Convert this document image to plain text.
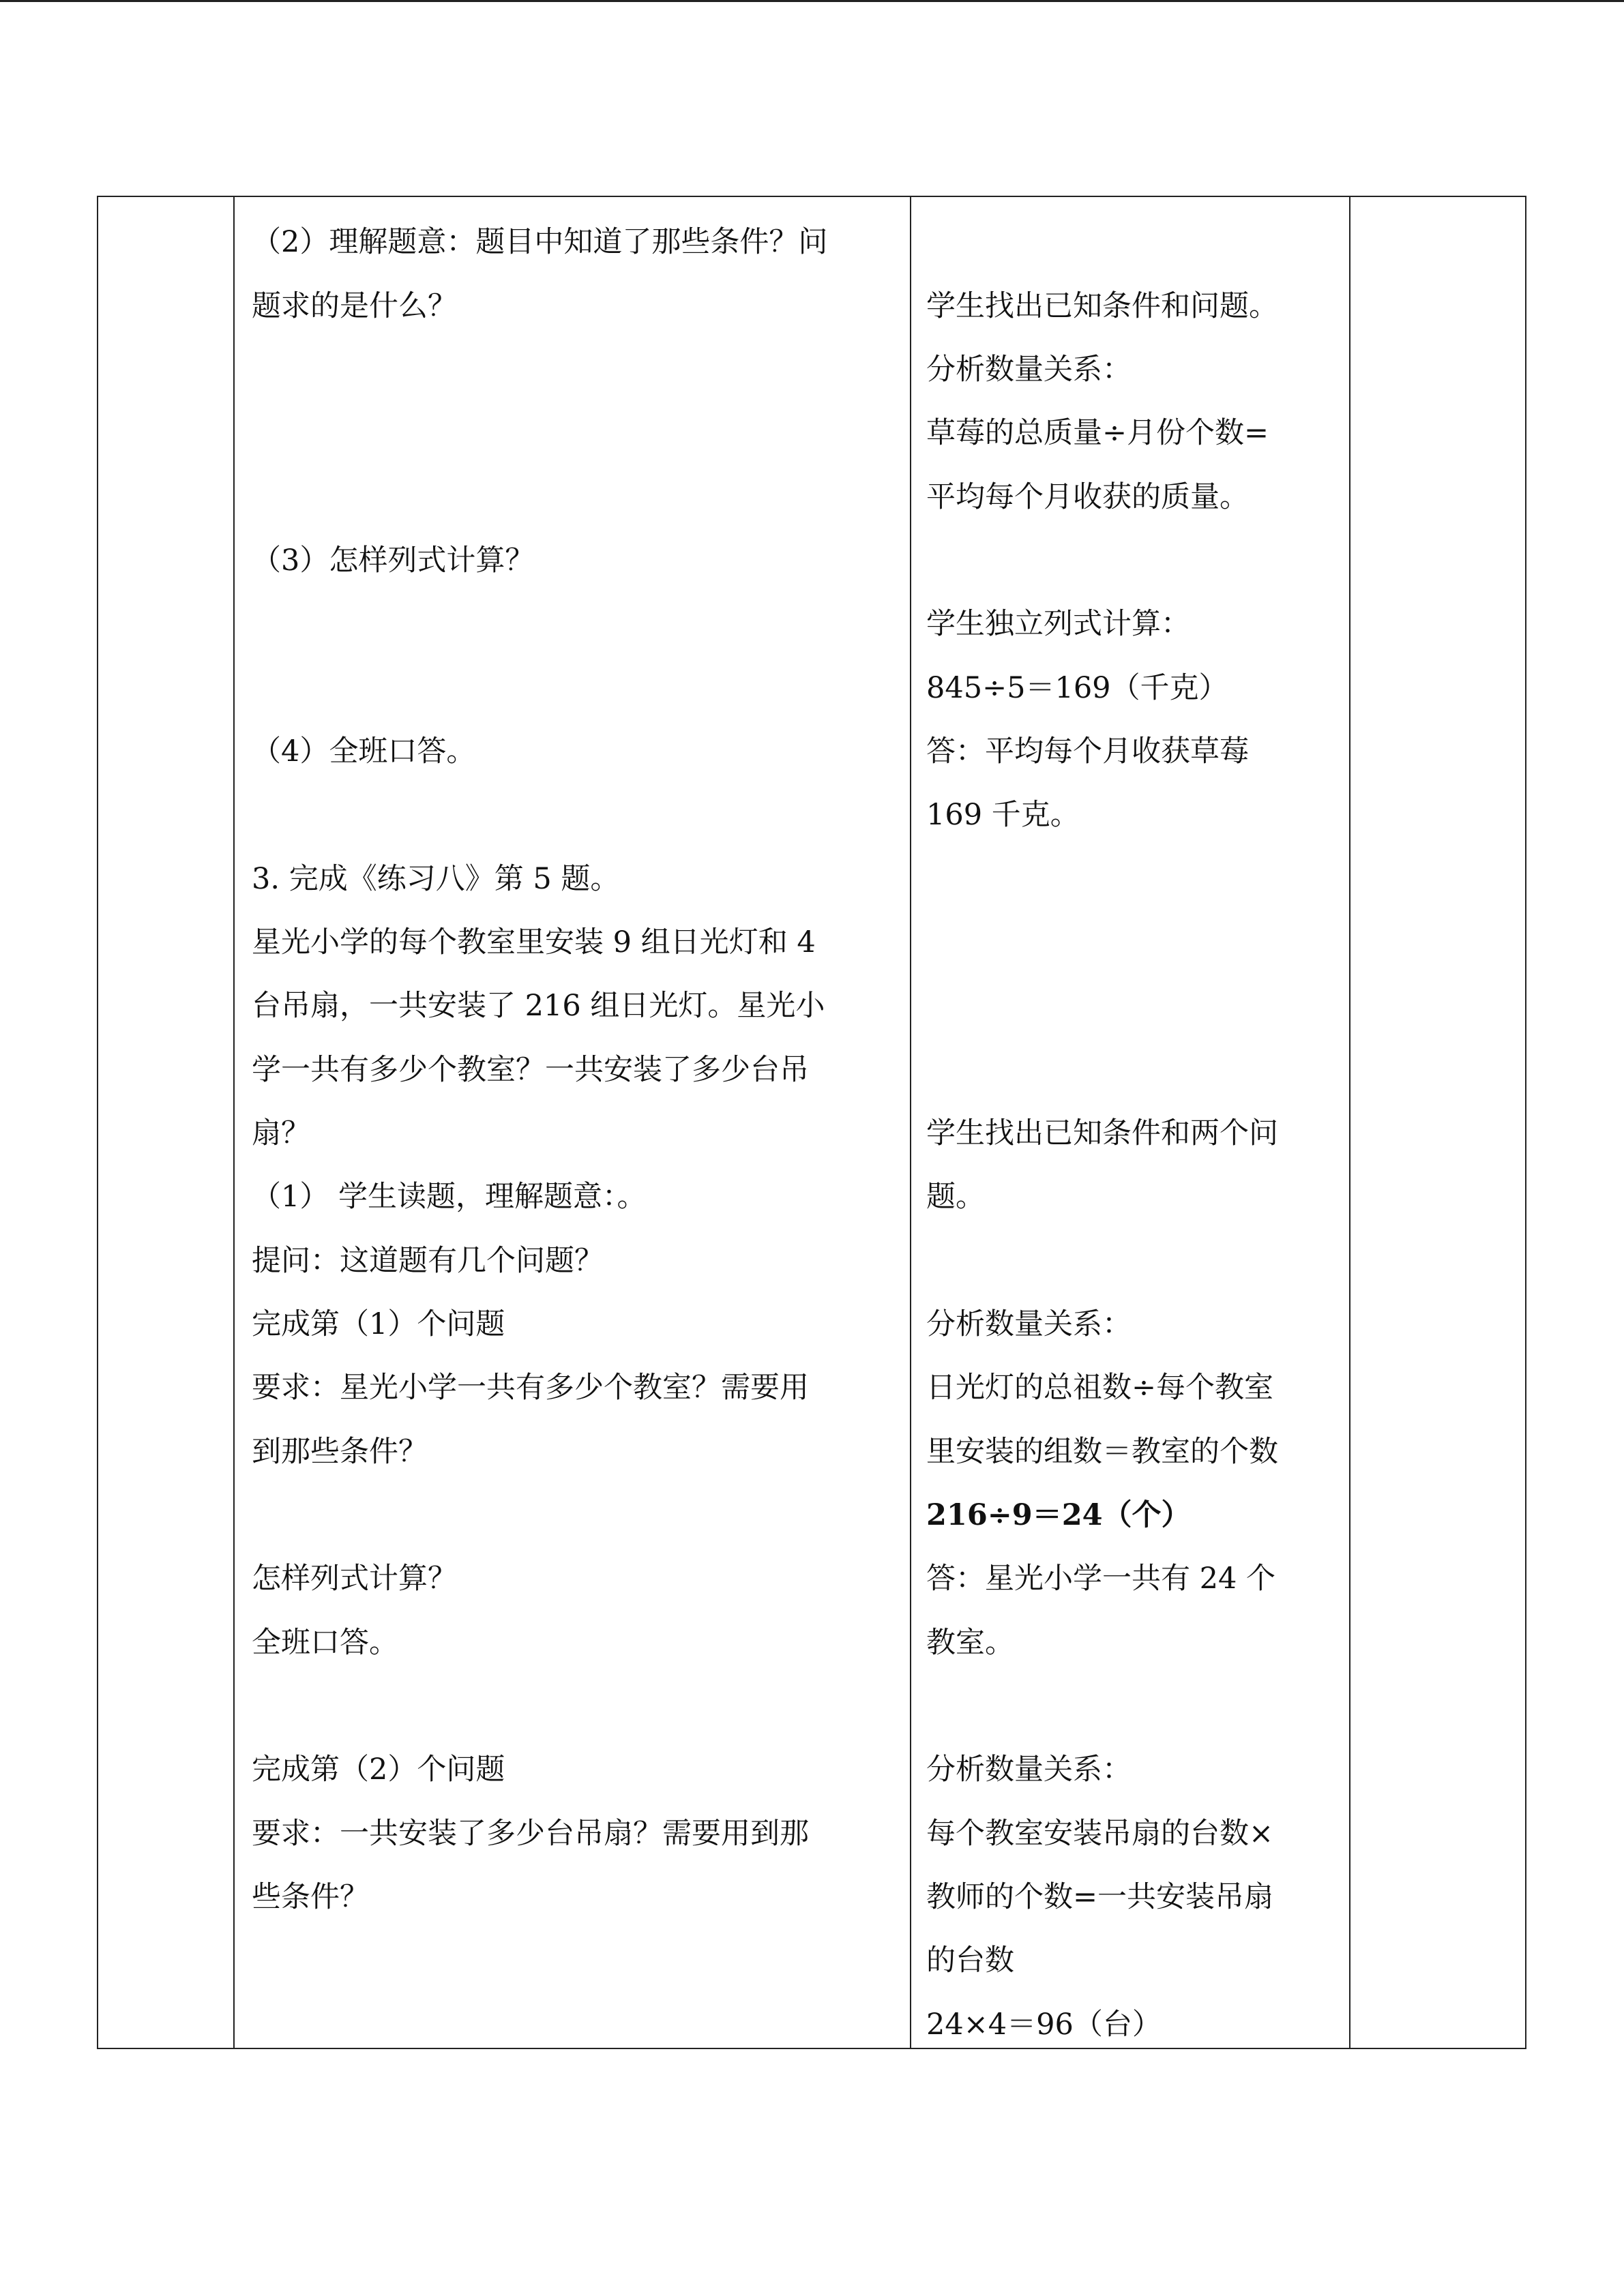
（2）理解题意：题目中知道了那些条件？问
题求的是什么？
（3）怎样列式计算？
（4）全班口答。
3. 完成《练习八》第 5 题。
星光小学的每个教室里安装 9 组日光灯和 4
台吊扇，一共安装了 216 组日光灯。星光小
学一共有多少个教室？一共安装了多少台吊
扇？
（1） 学生读题，理解题意：。
提问：这道题有几个问题？
完成第（1）个问题
要求：星光小学一共有多少个教室？需要用
到那些条件？
怎样列式计算？
全班口答。
完成第（2）个问题
要求：一共安装了多少台吊扇？需要用到那
些条件？
学生找出已知条件和问题。
分析数量关系：
草莓的总质量÷月份个数=
平均每个月收获的质量。
学生独立列式计算：
845÷5＝169（千克）
答：平均每个月收获草莓
169 千克。
学生找出已知条件和两个问
题。
分析数量关系：
日光灯的总祖数÷每个教室
里安装的组数＝教室的个数
216÷9＝24（个）
答：星光小学一共有 24 个
教室。
分析数量关系：
每个教室安装吊扇的台数×
教师的个数=一共安装吊扇
的台数
24×4＝96（台）
